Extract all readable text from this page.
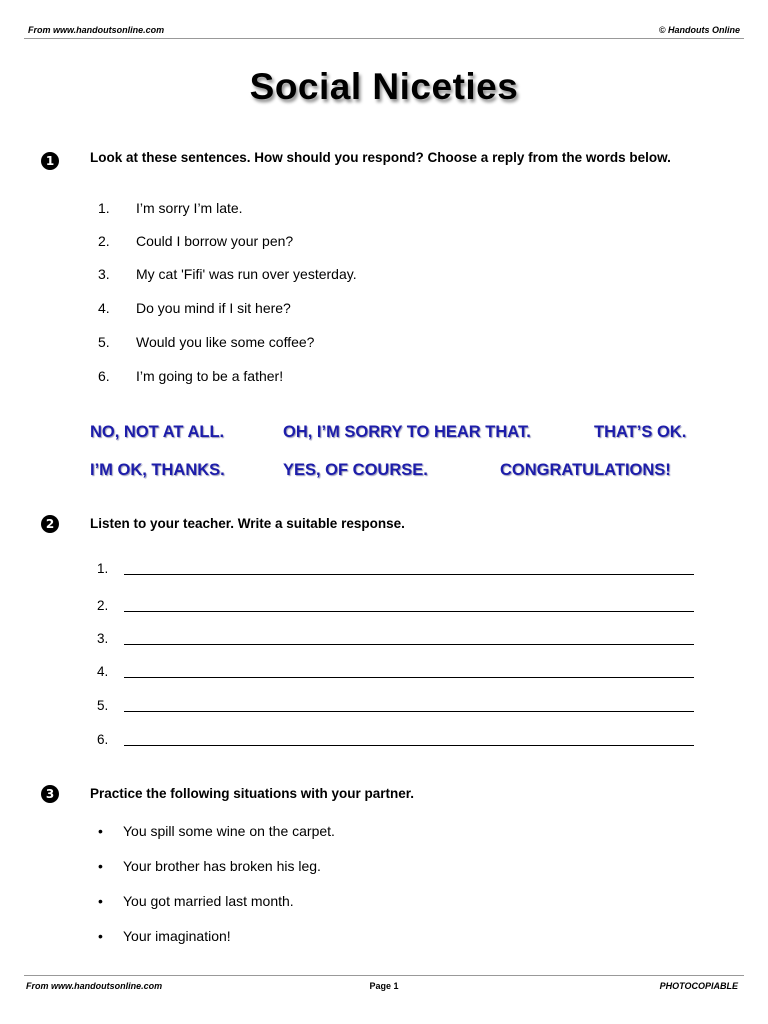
From www.handoutsonline.com	© Handouts Online
Social Niceties
1	Look at these sentences. How should you respond? Choose a reply from the words below.
1. I’m sorry I’m late.
2. Could I borrow your pen?
3. My cat 'Fifi' was run over yesterday.
4. Do you mind if I sit here?
5. Would you like some coffee?
6. I’m going to be a father!
NO, NOT AT ALL.	OH, I’M SORRY TO HEAR THAT.	THAT’S OK.
I’M OK, THANKS.	YES, OF COURSE.	CONGRATULATIONS!
2	Listen to your teacher. Write a suitable response.
1.
2.
3.
4.
5.
6.
3	Practice the following situations with your partner.
• You spill some wine on the carpet.
• Your brother has broken his leg.
• You got married last month.
• Your imagination!
From www.handoutsonline.com	Page 1	PHOTOCOPIABLE
